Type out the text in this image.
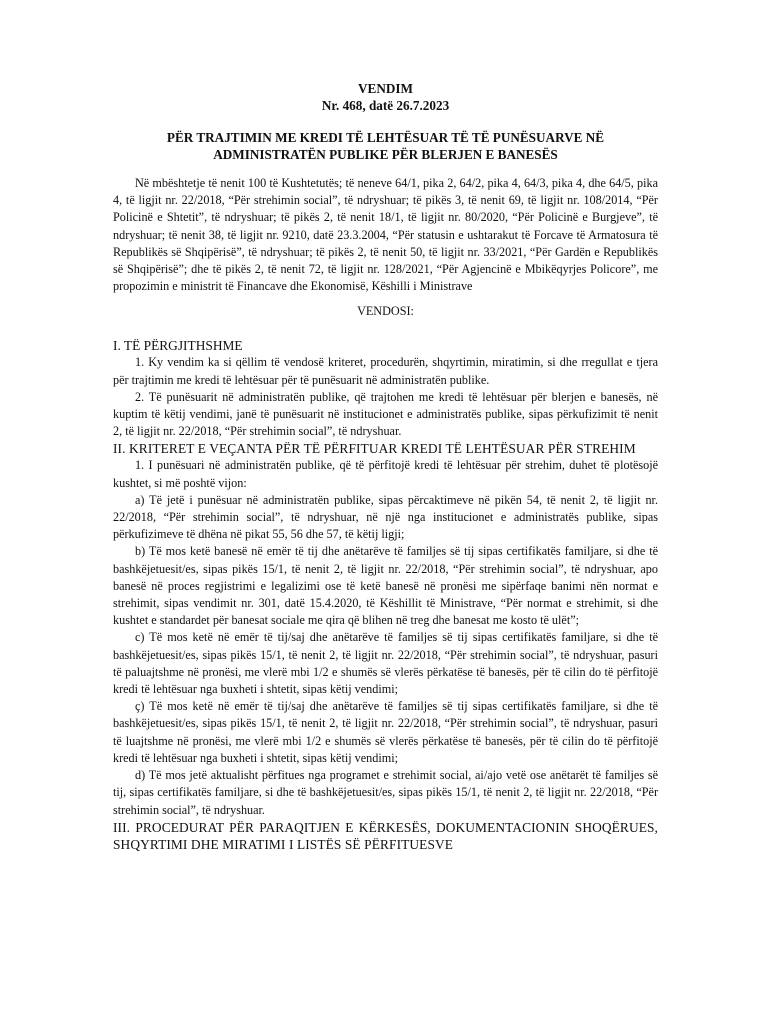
VENDIM
Nr. 468, datë 26.7.2023
PËR TRAJTIMIN ME KREDI TË LEHTËSUAR TË TË PUNËSUARVE NË
ADMINISTRATËN PUBLIKE PËR BLERJEN E BANESËS

Në mbështetje të nenit 100 të Kushtetutës; të neneve 64/1, pika 2, 64/2, pika 4, 64/3, pika 4, dhe 64/5, pika 4, të ligjit nr. 22/2018, “Për strehimin social”, të ndryshuar; të pikës 3, të nenit 69, të ligjit nr. 108/2014, “Për Policinë e Shtetit”, të ndryshuar; të pikës 2, të nenit 18/1, të ligjit nr. 80/2020, “Për Policinë e Burgjeve”, të ndryshuar; të nenit 38, të ligjit nr. 9210, datë 23.3.2004, “Për statusin e ushtarakut të Forcave të Armatosura të Republikës së Shqipërisë”, të ndryshuar; të pikës 2, të nenit 50, të ligjit nr. 33/2021, “Për Gardën e Republikës së Shqipërisë”; dhe të pikës 2, të nenit 72, të ligjit nr. 128/2021, “Për Agjencinë e Mbikëqyrjes Policore”, me propozimin e ministrit të Financave dhe Ekonomisë, Këshilli i Ministrave

VENDOSI:
I. TË PËRGJITHSHME

1. Ky vendim ka si qëllim të vendosë kriteret, procedurën, shqyrtimin, miratimin, si dhe rregullat e tjera për trajtimin me kredi të lehtësuar për të punësuarit në administratën publike.

2. Të punësuarit në administratën publike, që trajtohen me kredi të lehtësuar për blerjen e banesës, në kuptim të këtij vendimi, janë të punësuarit në institucionet e administratës publike, sipas përkufizimit të nenit 2, të ligjit nr. 22/2018, “Për strehimin social”, të ndryshuar.

II. KRITERET E VEÇANTA PËR TË PËRFITUAR KREDI TË LEHTËSUAR PËR STREHIM

1. I punësuari në administratën publike, që të përfitojë kredi të lehtësuar për strehim, duhet të plotësojë kushtet, si më poshtë vijon:

a) Të jetë i punësuar në administratën publike, sipas përcaktimeve në pikën 54, të nenit 2, të ligjit nr. 22/2018, “Për strehimin social”, të ndryshuar, në një nga institucionet e administratës publike, sipas përkufizimeve të dhëna në pikat 55, 56 dhe 57, të këtij ligji;

b) Të mos ketë banesë në emër të tij dhe anëtarëve të familjes së tij sipas certifikatës familjare, si dhe të bashkëjetuesit/es, sipas pikës 15/1, të nenit 2, të ligjit nr. 22/2018, “Për strehimin social”, të ndryshuar, apo banesë në proces regjistrimi e legalizimi ose të ketë banesë në pronësi me sipërfaqe banimi nën normat e strehimit, sipas vendimit nr. 301, datë 15.4.2020, të Këshillit të Ministrave, “Për normat e strehimit, si dhe kushtet e standardet për banesat sociale me qira që blihen në treg dhe banesat me kosto të ulët”;

c) Të mos ketë në emër të tij/saj dhe anëtarëve të familjes së tij sipas certifikatës familjare, si dhe të bashkëjetuesit/es, sipas pikës 15/1, të nenit 2, të ligjit nr. 22/2018, “Për strehimin social”, të ndryshuar, pasuri të paluajtshme në pronësi, me vlerë mbi 1/2 e shumës së vlerës përkatëse të banesës, për të cilin do të përfitojë kredi të lehtësuar nga buxheti i shtetit, sipas këtij vendimi;

ç) Të mos ketë në emër të tij/saj dhe anëtarëve të familjes së tij sipas certifikatës familjare, si dhe të bashkëjetuesit/es, sipas pikës 15/1, të nenit 2, të ligjit nr. 22/2018, “Për strehimin social”, të ndryshuar, pasuri të luajtshme në pronësi, me vlerë mbi 1/2 e shumës së vlerës përkatëse të banesës, për të cilin do të përfitojë kredi të lehtësuar nga buxheti i shtetit, sipas këtij vendimi;

d) Të mos jetë aktualisht përfitues nga programet e strehimit social, ai/ajo vetë ose anëtarët të familjes së tij, sipas certifikatës familjare, si dhe të bashkëjetuesit/es, sipas pikës 15/1, të nenit 2, të ligjit nr. 22/2018, “Për strehimin social”, të ndryshuar.

III. PROCEDURAT PËR PARAQITJEN E KËRKESËS, DOKUMENTACIONIN SHOQËRUES, SHQYRTIMI DHE MIRATIMI I LISTËS SË PËRFITUESVE
